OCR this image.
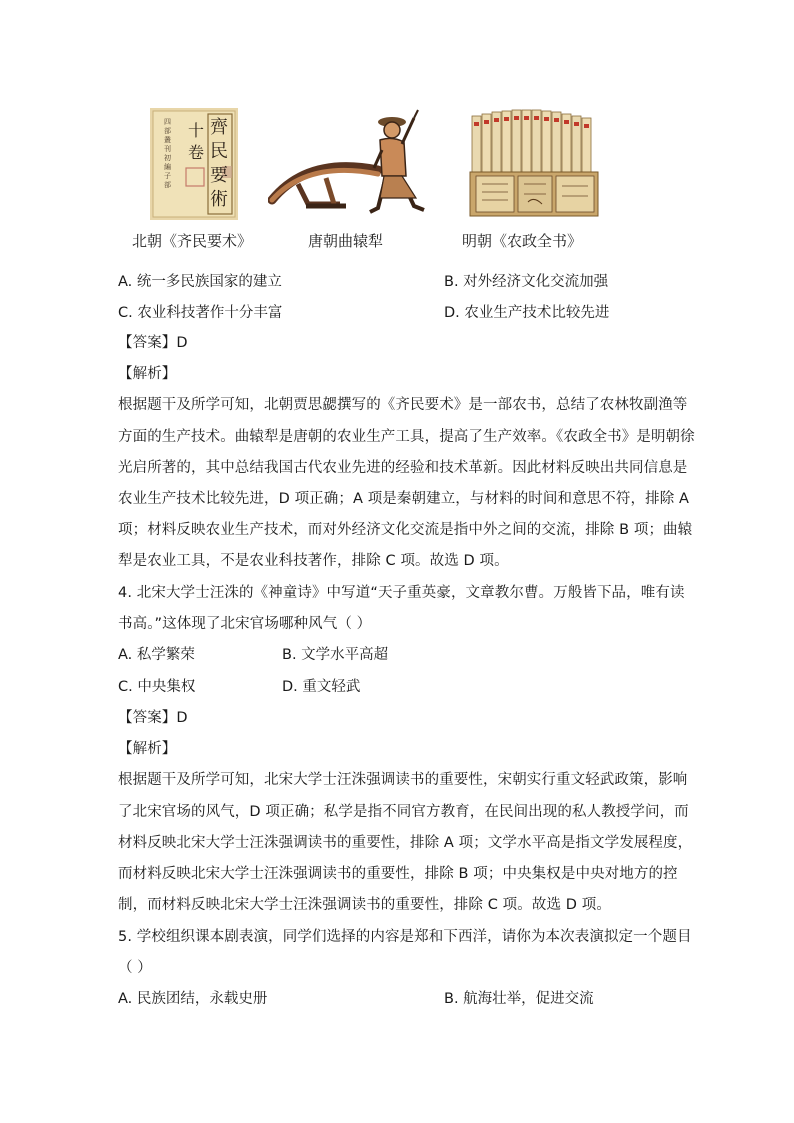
齊民要術
十卷
四部叢刊初編子部
北朝《齐民要术》	唐朝曲辕犁	明朝《农政全书》
A. 统一多民族国家的建立	B. 对外经济文化交流加强
C. 农业科技著作十分丰富	D. 农业生产技术比较先进
【答案】D
【解析】
根据题干及所学可知，北朝贾思勰撰写的《齐民要术》是一部农书，总结了农林牧副渔等
方面的生产技术。曲辕犁是唐朝的农业生产工具，提高了生产效率。《农政全书》是明朝徐
光启所著的，其中总结我国古代农业先进的经验和技术革新。因此材料反映出共同信息是
农业生产技术比较先进，D 项正确；A 项是秦朝建立，与材料的时间和意思不符，排除 A
项；材料反映农业生产技术，而对外经济文化交流是指中外之间的交流，排除 B 项；曲辕
犁是农业工具，不是农业科技著作，排除 C 项。故选 D 项。
4. 北宋大学士汪洙的《神童诗》中写道“天子重英豪，文章教尔曹。万般皆下品，唯有读
书高。”这体现了北宋官场哪种风气（ ）
A. 私学繁荣	B. 文学水平高超
C. 中央集权	D. 重文轻武
【答案】D
【解析】
根据题干及所学可知，北宋大学士汪洙强调读书的重要性，宋朝实行重文轻武政策，影响
了北宋官场的风气，D 项正确；私学是指不同官方教育，在民间出现的私人教授学问，而
材料反映北宋大学士汪洙强调读书的重要性，排除 A 项；文学水平高是指文学发展程度，
而材料反映北宋大学士汪洙强调读书的重要性，排除 B 项；中央集权是中央对地方的控
制，而材料反映北宋大学士汪洙强调读书的重要性，排除 C 项。故选 D 项。
5. 学校组织课本剧表演，同学们选择的内容是郑和下西洋，请你为本次表演拟定一个题目
（ ）
A. 民族团结，永载史册	B. 航海壮举，促进交流
